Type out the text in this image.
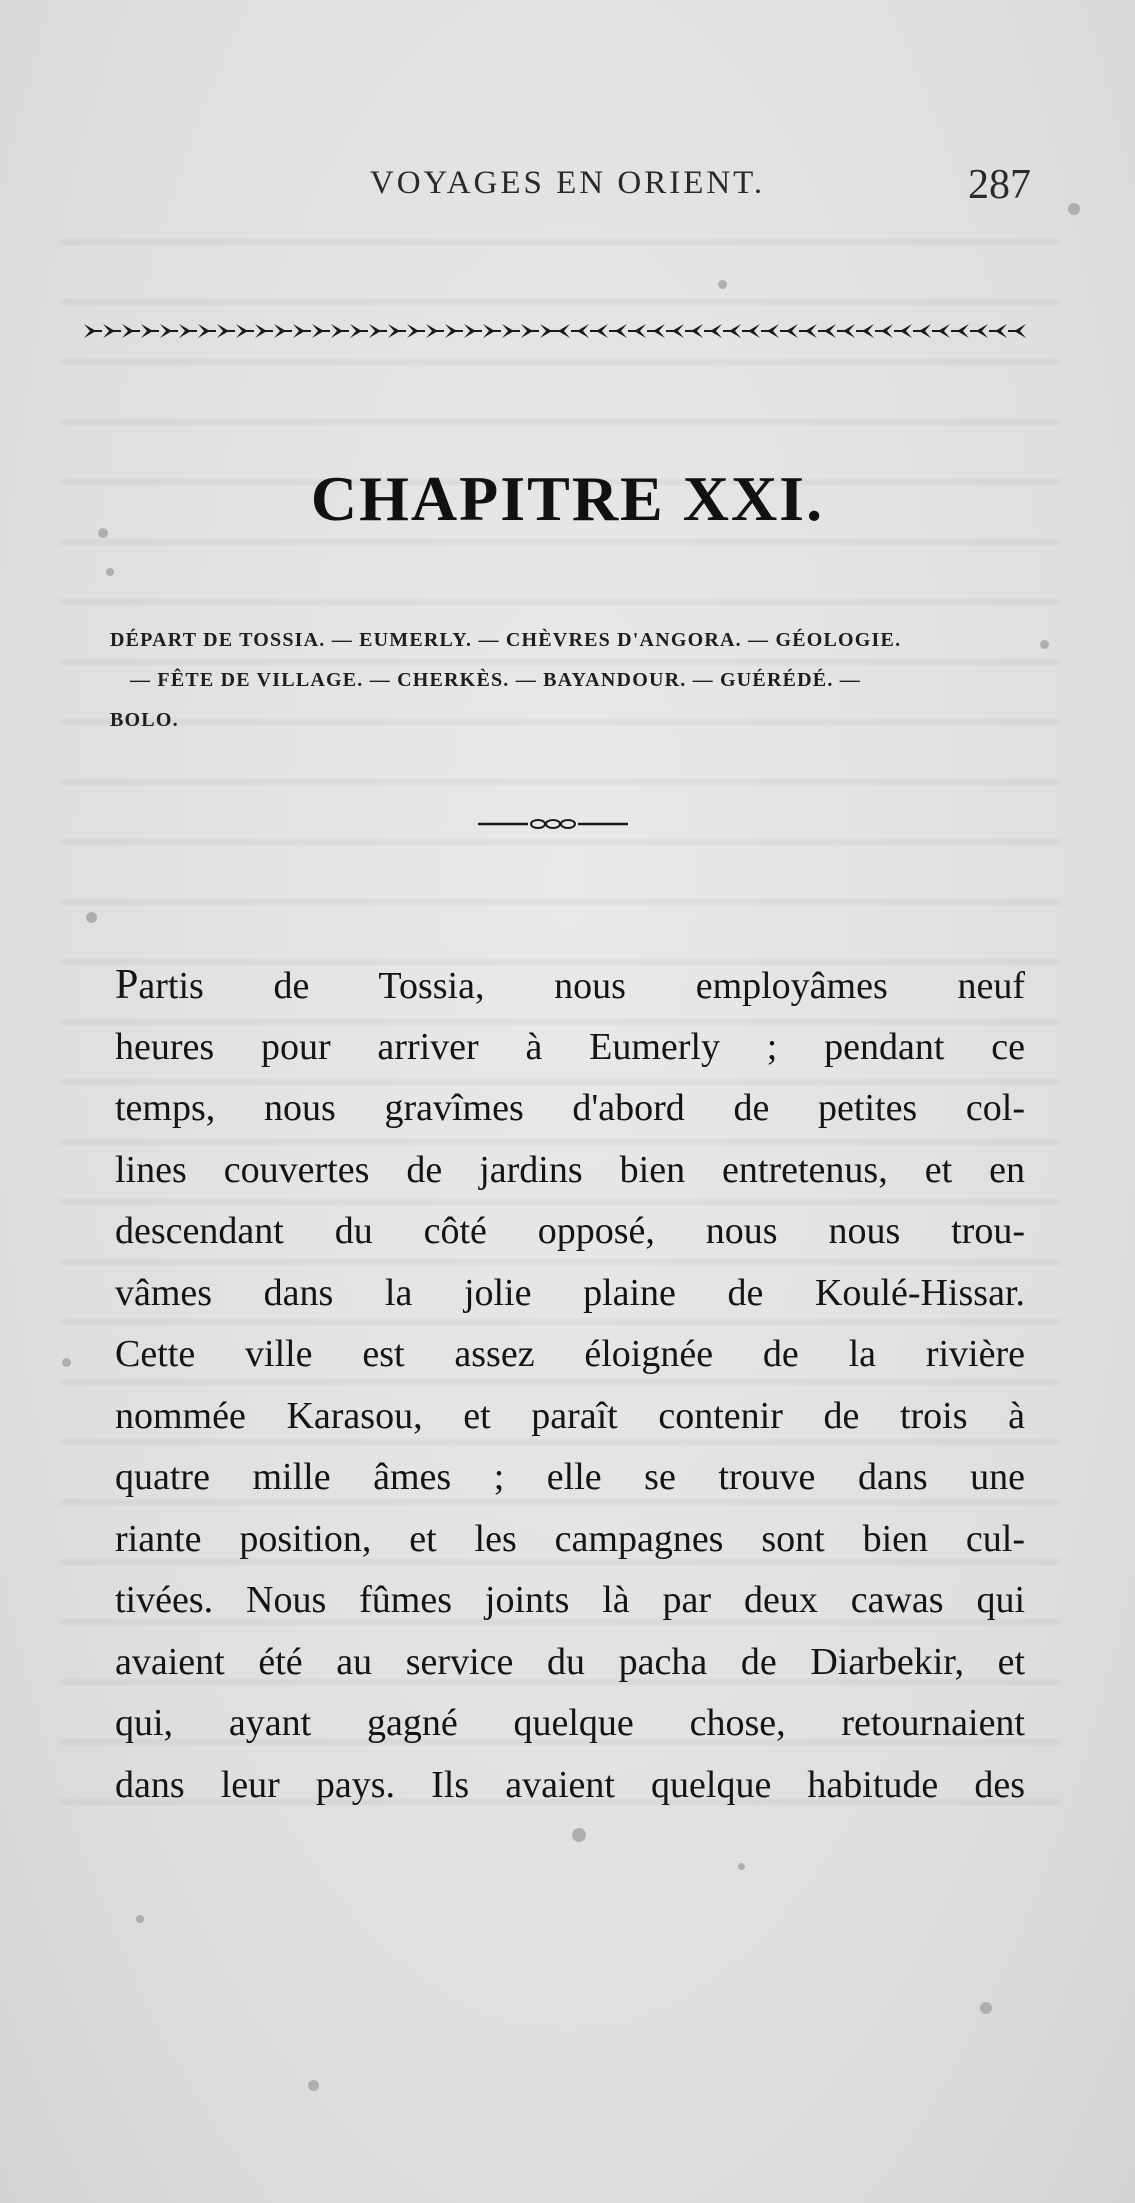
VOYAGES EN ORIENT.	287
CHAPITRE XXI.
DÉPART DE TOSSIA. — EUMERLY. — CHÈVRES D'ANGORA. — GÉOLOGIE.
— FÊTE DE VILLAGE. — CHERKÈS. — BAYANDOUR. — GUÉRÉDÉ. —
BOLO.
Partis de Tossia, nous employâmes neuf
heures pour arriver à Eumerly ; pendant ce
temps, nous gravîmes d'abord de petites col-
lines couvertes de jardins bien entretenus, et en
descendant du côté opposé, nous nous trou-
vâmes dans la jolie plaine de Koulé-Hissar.
Cette ville est assez éloignée de la rivière
nommée Karasou, et paraît contenir de trois à
quatre mille âmes ; elle se trouve dans une
riante position, et les campagnes sont bien cul-
tivées. Nous fûmes joints là par deux cawas qui
avaient été au service du pacha de Diarbekir, et
qui, ayant gagné quelque chose, retournaient
dans leur pays. Ils avaient quelque habitude des
